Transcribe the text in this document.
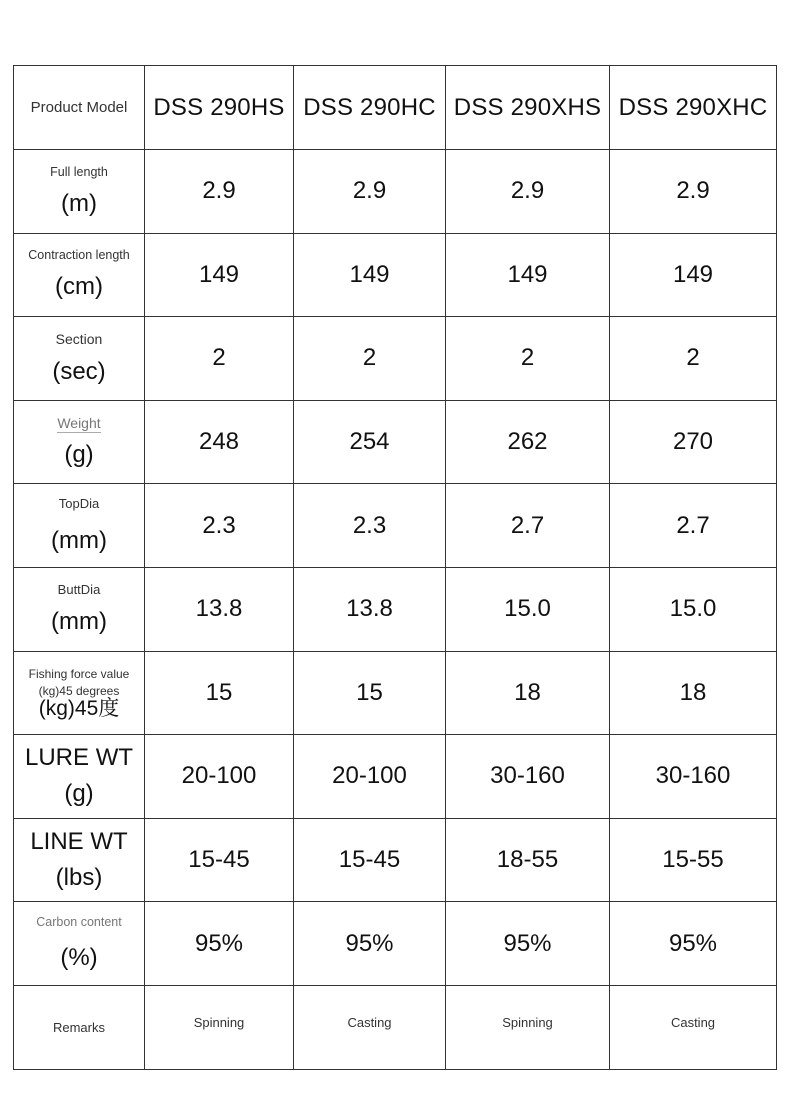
Product Model	DSS 290HS	DSS 290HC	DSS 290XHS	DSS 290XHC

Full length
(m)	2.9	2.9	2.9	2.9

Contraction length
(cm)	149	149	149	149

Section
(sec)	2	2	2	2
Weight
(g)	248	254	262	270

TopDia
(mm)	2.3	2.3	2.7	2.7

ButtDia
(mm)	13.8	13.8	15.0	15.0

Fishing force value
(kg)45 degrees
(kg)45度	15	15	18	18

LURE WT
(g)	20-100	20-100	30-160	30-160

LINE WT
(lbs)	15-45	15-45	18-55	15-55

Carbon content
(%)	95%	95%	95%	95%

Remarks	Spinning	Casting	Spinning	Casting
